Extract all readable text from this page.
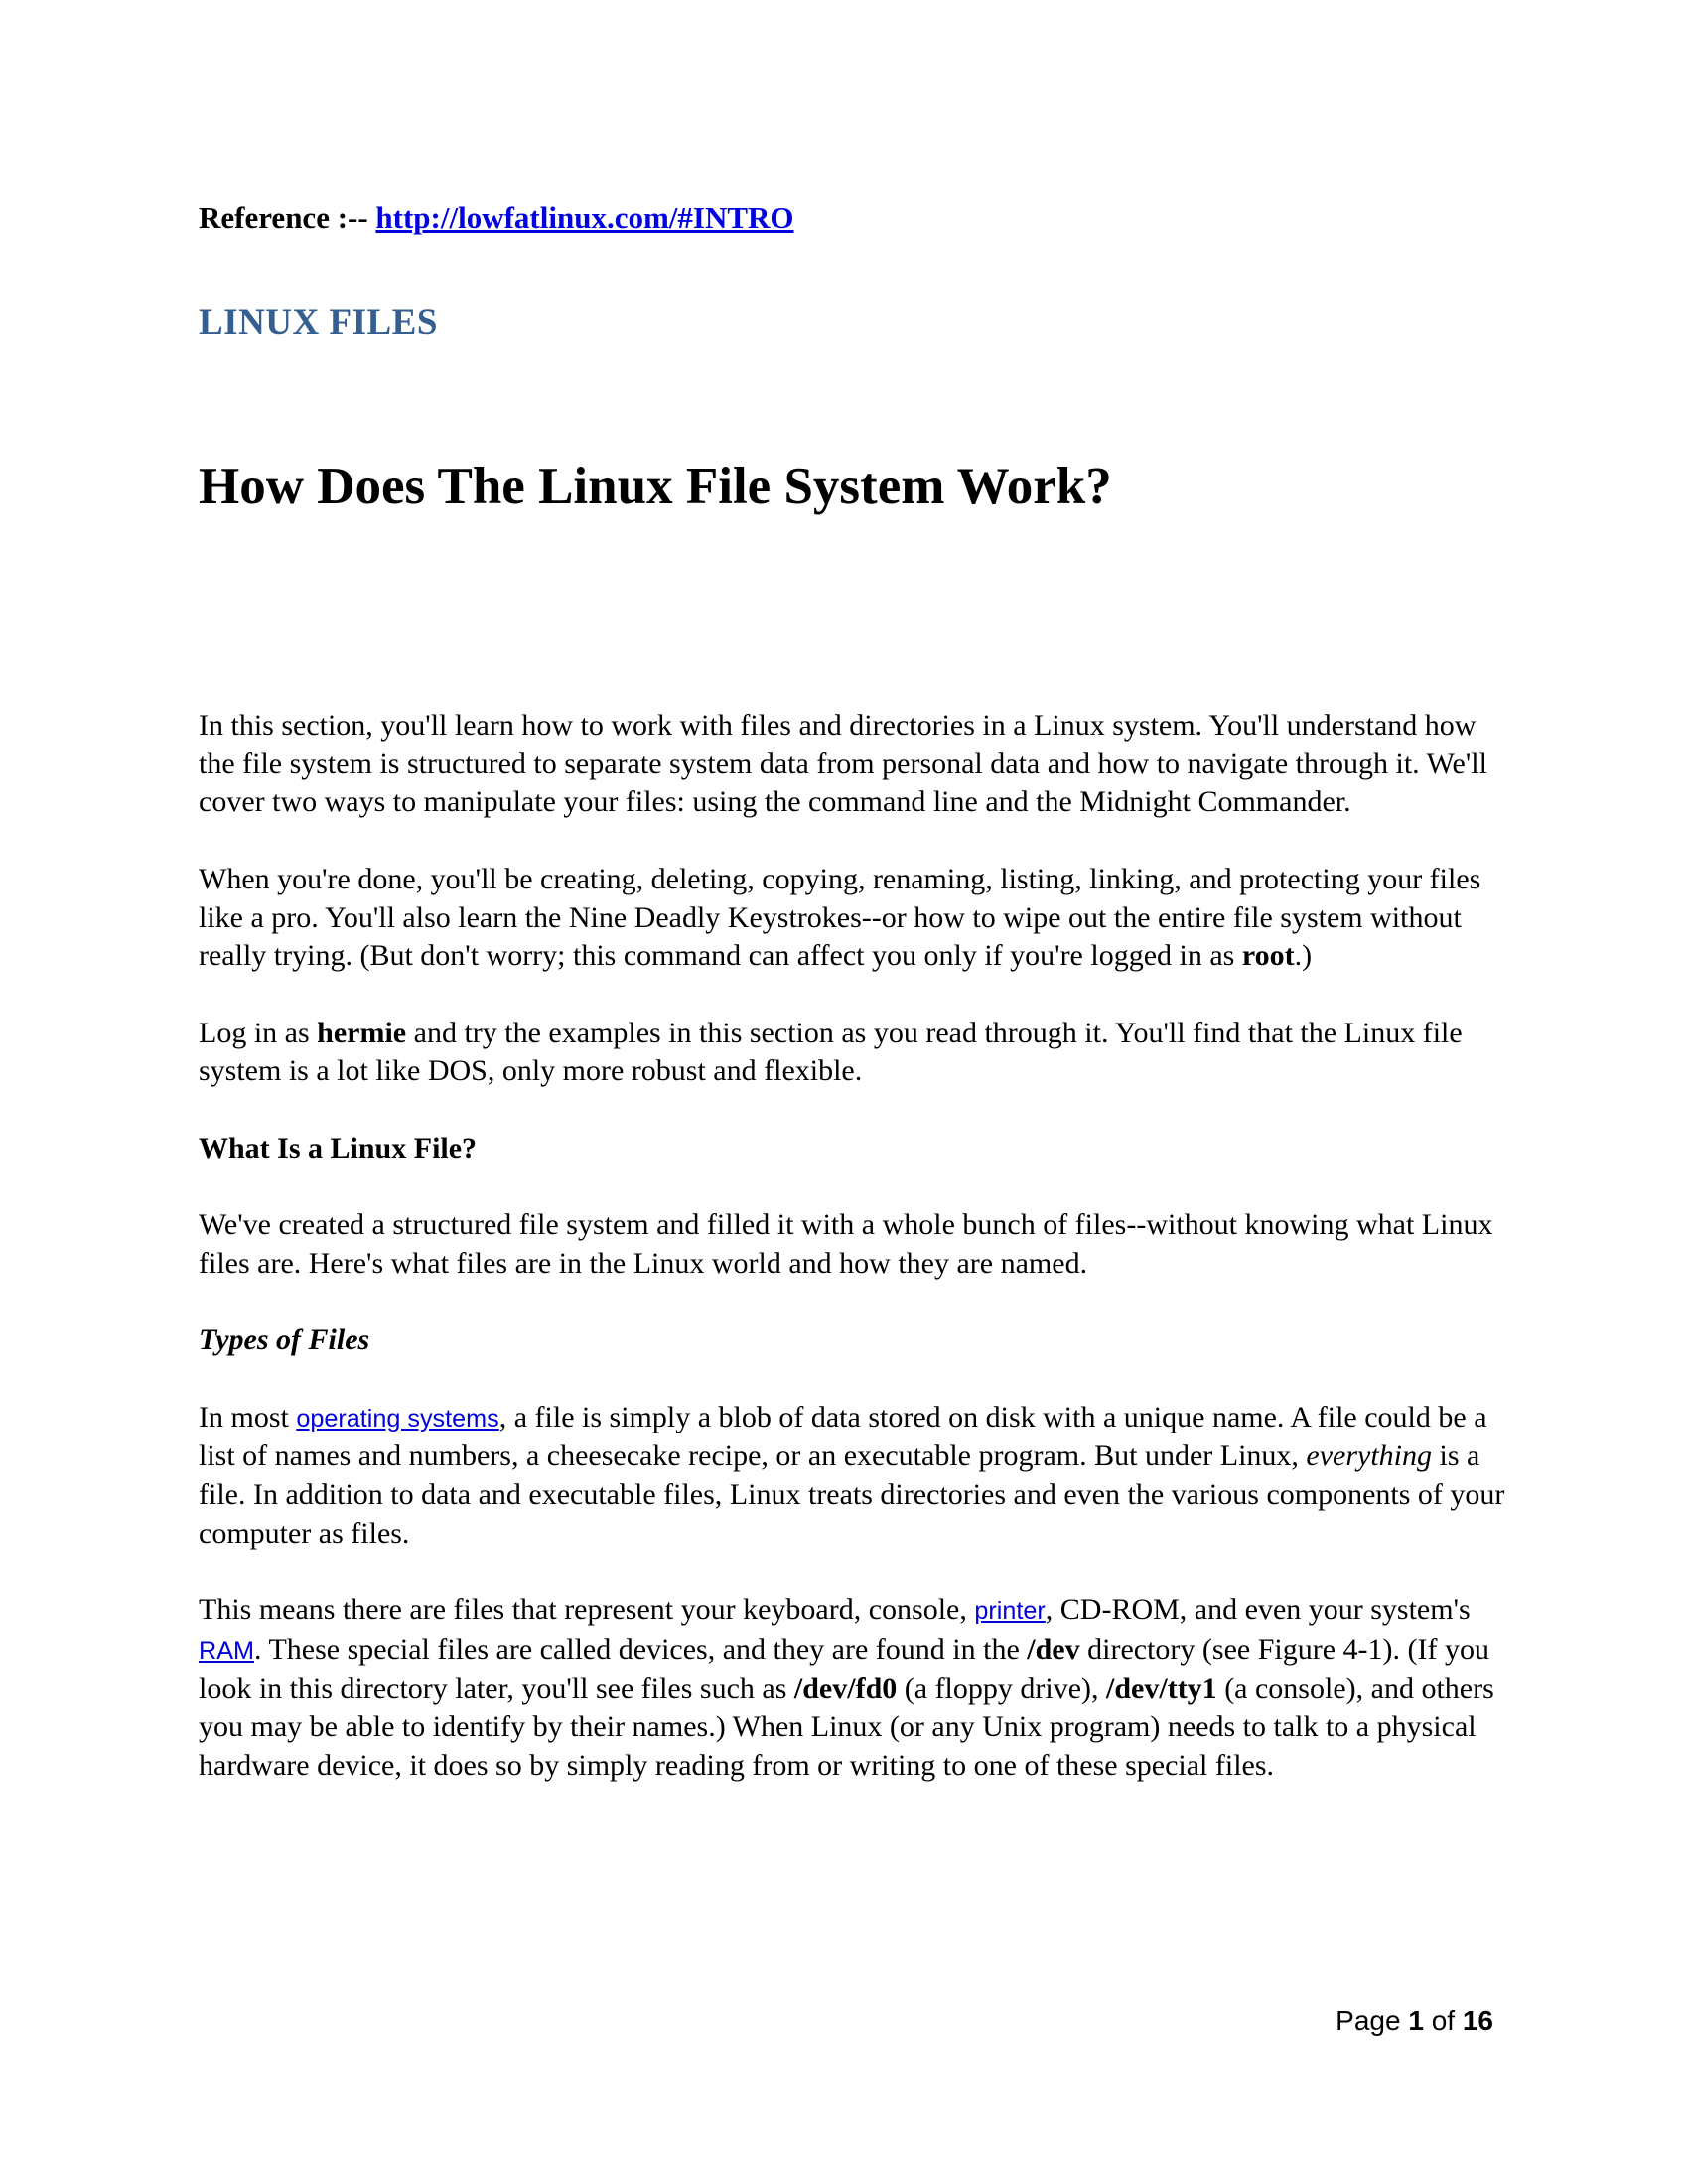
Reference :-- http://lowfatlinux.com/#INTRO
LINUX FILES
How Does The Linux File System Work?
In this section, you'll learn how to work with files and directories in a Linux system. You'll understand how the file system is structured to separate system data from personal data and how to navigate through it. We'll cover two ways to manipulate your files: using the command line and the Midnight Commander.
When you're done, you'll be creating, deleting, copying, renaming, listing, linking, and protecting your files like a pro. You'll also learn the Nine Deadly Keystrokes--or how to wipe out the entire file system without really trying. (But don't worry; this command can affect you only if you're logged in as root.)
Log in as hermie and try the examples in this section as you read through it. You'll find that the Linux file system is a lot like DOS, only more robust and flexible.
What Is a Linux File?
We've created a structured file system and filled it with a whole bunch of files--without knowing what Linux files are. Here's what files are in the Linux world and how they are named.
Types of Files
In most operating systems, a file is simply a blob of data stored on disk with a unique name. A file could be a list of names and numbers, a cheesecake recipe, or an executable program. But under Linux, everything is a file. In addition to data and executable files, Linux treats directories and even the various components of your computer as files.
This means there are files that represent your keyboard, console, printer, CD-ROM, and even your system's RAM. These special files are called devices, and they are found in the /dev directory (see Figure 4-1). (If you look in this directory later, you'll see files such as /dev/fd0 (a floppy drive), /dev/tty1 (a console), and others you may be able to identify by their names.) When Linux (or any Unix program) needs to talk to a physical hardware device, it does so by simply reading from or writing to one of these special files.
Page 1 of 16
